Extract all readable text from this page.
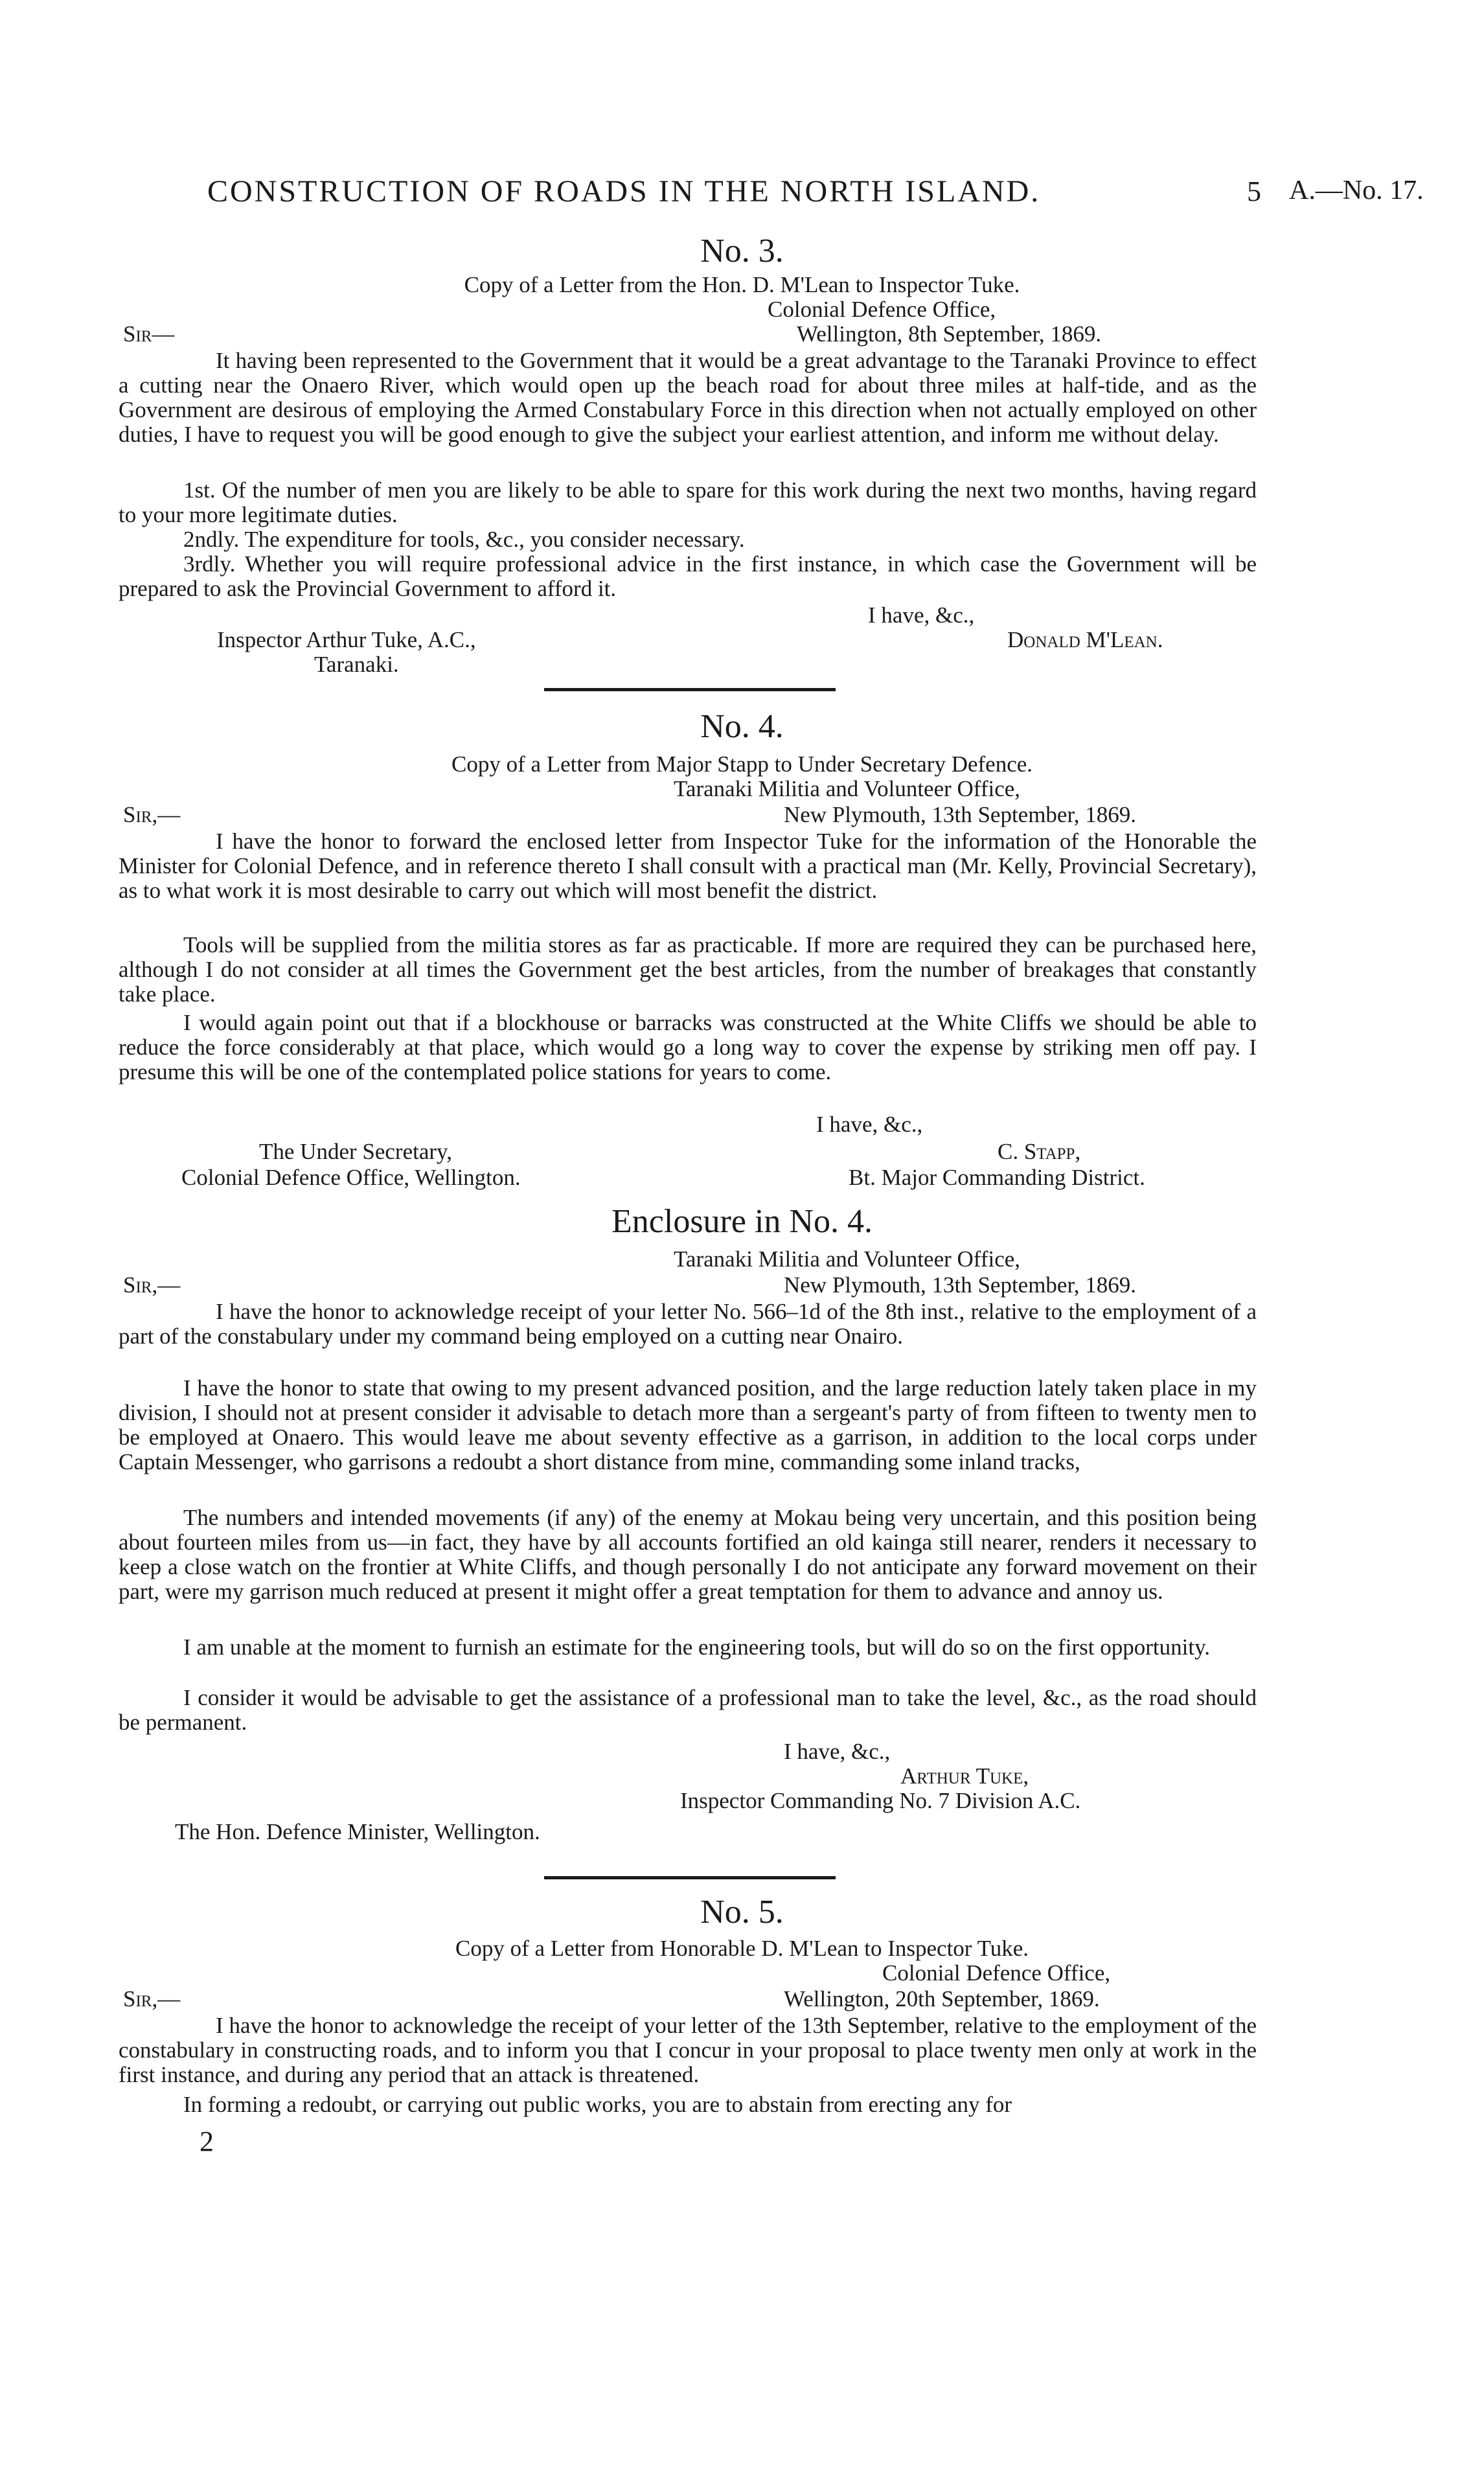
CONSTRUCTION OF ROADS IN THE NORTH ISLAND.	5 A.—No. 17.
No. 3.
Copy of a Letter from the Hon. D. M'Lean to Inspector Tuke.
Colonial Defence Office,
Sir—	Wellington, 8th September, 1869.
It having been represented to the Government that it would be a great advantage to the Taranaki Province to effect a cutting near the Onaero River, which would open up the beach road for about three miles at half-tide, and as the Government are desirous of employing the Armed Constabulary Force in this direction when not actually employed on other duties, I have to request you will be good enough to give the subject your earliest attention, and inform me without delay.
1st. Of the number of men you are likely to be able to spare for this work during the next two months, having regard to your more legitimate duties.
2ndly. The expenditure for tools, &c., you consider necessary.
3rdly. Whether you will require professional advice in the first instance, in which case the Government will be prepared to ask the Provincial Government to afford it.
I have, &c.,
Inspector Arthur Tuke, A.C.,	Donald M'Lean.
Taranaki.
No. 4.
Copy of a Letter from Major Stapp to Under Secretary Defence.
Taranaki Militia and Volunteer Office,
Sir,—	New Plymouth, 13th September, 1869.
I have the honor to forward the enclosed letter from Inspector Tuke for the information of the Honorable the Minister for Colonial Defence, and in reference thereto I shall consult with a practical man (Mr. Kelly, Provincial Secretary), as to what work it is most desirable to carry out which will most benefit the district.
Tools will be supplied from the militia stores as far as practicable. If more are required they can be purchased here, although I do not consider at all times the Government get the best articles, from the number of breakages that constantly take place.
I would again point out that if a blockhouse or barracks was constructed at the White Cliffs we should be able to reduce the force considerably at that place, which would go a long way to cover the expense by striking men off pay. I presume this will be one of the contemplated police stations for years to come.
I have, &c.,
The Under Secretary,	C. Stapp,
Colonial Defence Office, Wellington.	Bt. Major Commanding District.
Enclosure in No. 4.
Taranaki Militia and Volunteer Office,
Sir,—	New Plymouth, 13th September, 1869.
I have the honor to acknowledge receipt of your letter No. 566–1d of the 8th inst., relative to the employment of a part of the constabulary under my command being employed on a cutting near Onairo.
I have the honor to state that owing to my present advanced position, and the large reduction lately taken place in my division, I should not at present consider it advisable to detach more than a sergeant's party of from fifteen to twenty men to be employed at Onaero. This would leave me about seventy effective as a garrison, in addition to the local corps under Captain Messenger, who garrisons a redoubt a short distance from mine, commanding some inland tracks,
The numbers and intended movements (if any) of the enemy at Mokau being very uncertain, and this position being about fourteen miles from us—in fact, they have by all accounts fortified an old kainga still nearer, renders it necessary to keep a close watch on the frontier at White Cliffs, and though personally I do not anticipate any forward movement on their part, were my garrison much reduced at present it might offer a great temptation for them to advance and annoy us.
I am unable at the moment to furnish an estimate for the engineering tools, but will do so on the first opportunity.
I consider it would be advisable to get the assistance of a professional man to take the level, &c., as the road should be permanent.
I have, &c.,
Arthur Tuke,
Inspector Commanding No. 7 Division A.C.
The Hon. Defence Minister, Wellington.
No. 5.
Copy of a Letter from Honorable D. M'Lean to Inspector Tuke.
Colonial Defence Office,
Sir,—	Wellington, 20th September, 1869.
I have the honor to acknowledge the receipt of your letter of the 13th September, relative to the employment of the constabulary in constructing roads, and to inform you that I concur in your proposal to place twenty men only at work in the first instance, and during any period that an attack is threatened.
In forming a redoubt, or carrying out public works, you are to abstain from erecting any for
2
